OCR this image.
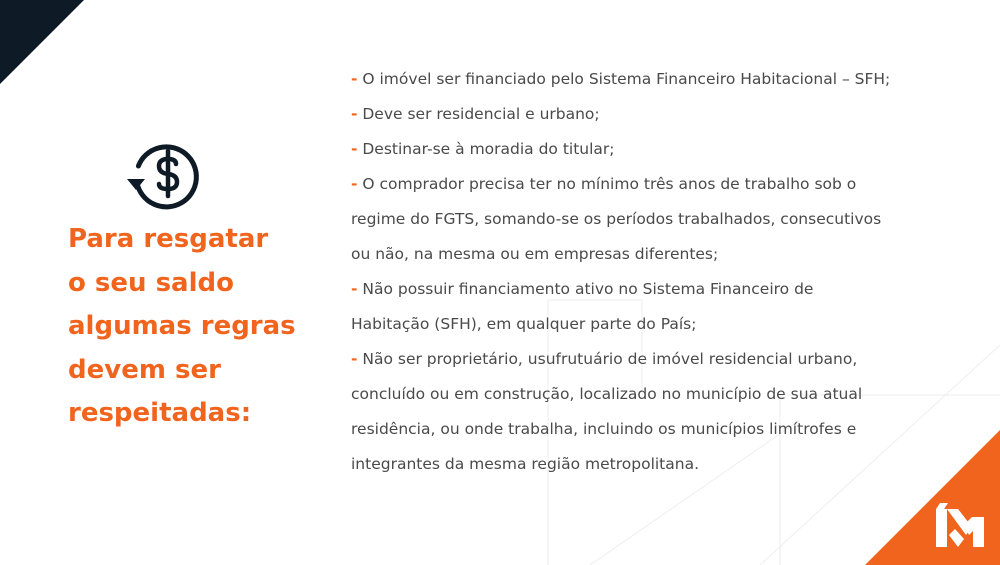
Para resgatar
o seu saldo
algumas regras
devem ser
respeitadas:
- O imóvel ser financiado pelo Sistema Financeiro Habitacional – SFH;
- Deve ser residencial e urbano;
- Destinar-se à moradia do titular;
- O comprador precisa ter no mínimo três anos de trabalho sob o
regime do FGTS, somando-se os períodos trabalhados, consecutivos
ou não, na mesma ou em empresas diferentes;
- Não possuir financiamento ativo no Sistema Financeiro de
Habitação (SFH), em qualquer parte do País;
- Não ser proprietário, usufrutuário de imóvel residencial urbano,
concluído ou em construção, localizado no município de sua atual
residência, ou onde trabalha, incluindo os municípios limítrofes e
integrantes da mesma região metropolitana.
